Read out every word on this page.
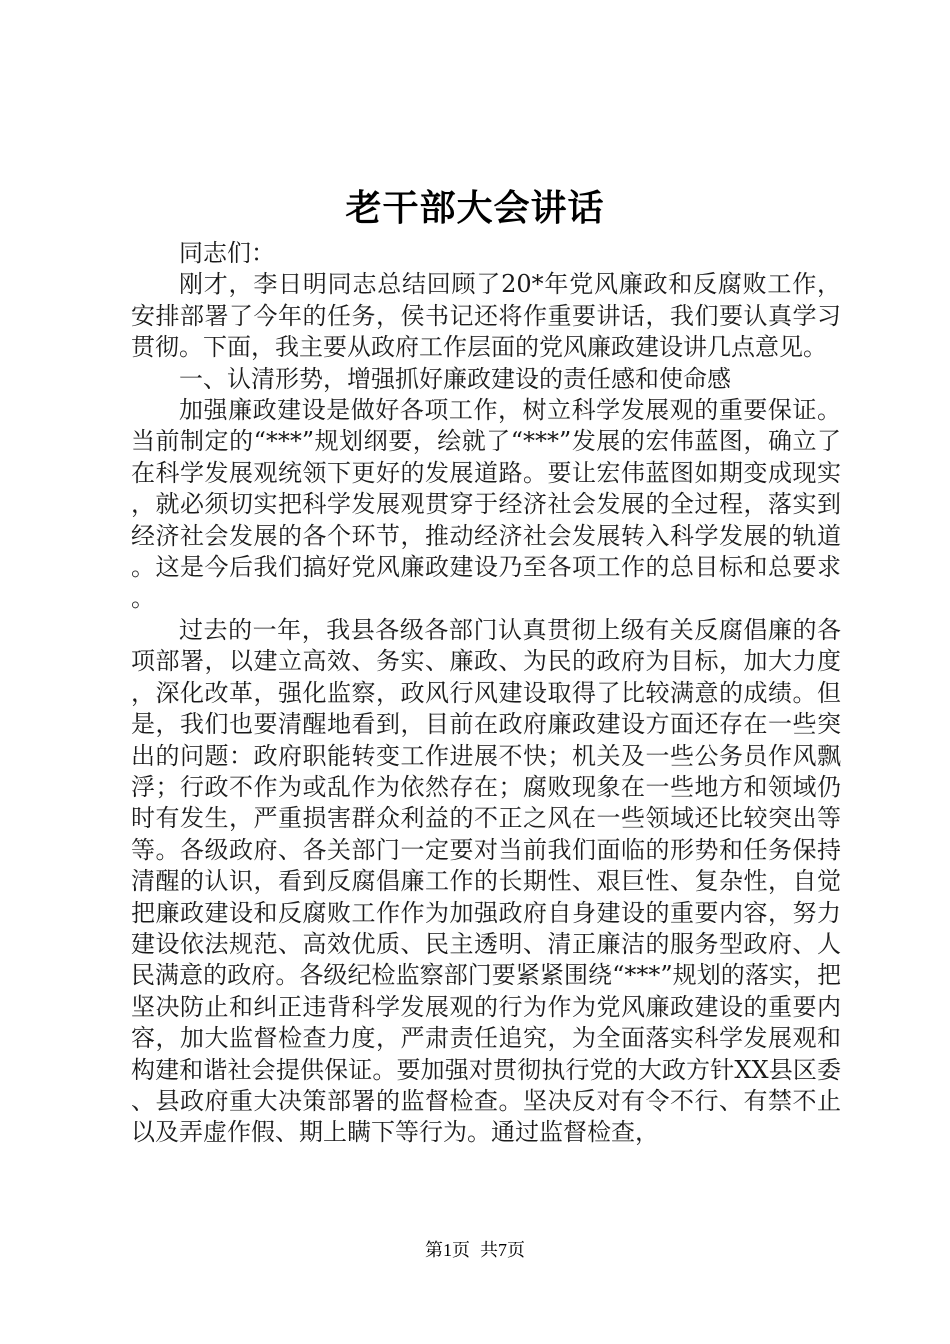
老干部大会讲话

同志们：

刚才，李日明同志总结回顾了20*年党风廉政和反腐败工作，安排部署了今年的任务，侯书记还将作重要讲话，我们要认真学习贯彻。下面，我主要从政府工作层面的党风廉政建设讲几点意见。

一、认清形势，增强抓好廉政建设的责任感和使命感

加强廉政建设是做好各项工作，树立科学发展观的重要保证。当前制定的“***”规划纲要，绘就了“***”发展的宏伟蓝图，确立了在科学发展观统领下更好的发展道路。要让宏伟蓝图如期变成现实，就必须切实把科学发展观贯穿于经济社会发展的全过程，落实到经济社会发展的各个环节，推动经济社会发展转入科学发展的轨道。这是今后我们搞好党风廉政建设乃至各项工作的总目标和总要求。

过去的一年，我县各级各部门认真贯彻上级有关反腐倡廉的各项部署，以建立高效、务实、廉政、为民的政府为目标，加大力度，深化改革，强化监察，政风行风建设取得了比较满意的成绩。但是，我们也要清醒地看到，目前在政府廉政建设方面还存在一些突出的问题：政府职能转变工作进展不快；机关及一些公务员作风飘浮；行政不作为或乱作为依然存在；腐败现象在一些地方和领域仍时有发生，严重损害群众利益的不正之风在一些领域还比较突出等等。各级政府、各关部门一定要对当前我们面临的形势和任务保持清醒的认识，看到反腐倡廉工作的长期性、艰巨性、复杂性，自觉把廉政建设和反腐败工作作为加强政府自身建设的重要内容，努力建设依法规范、高效优质、民主透明、清正廉洁的服务型政府、人民满意的政府。各级纪检监察部门要紧紧围绕“***”规划的落实，把坚决防止和纠正违背科学发展观的行为作为党风廉政建设的重要内容，加大监督检查力度，严肃责任追究，为全面落实科学发展观和构建和谐社会提供保证。要加强对贯彻执行党的大政方针XX县区委、县政府重大决策部署的监督检查。坚决反对有令不行、有禁不止以及弄虚作假、期上瞒下等行为。通过监督检查，

第1页 共7页
